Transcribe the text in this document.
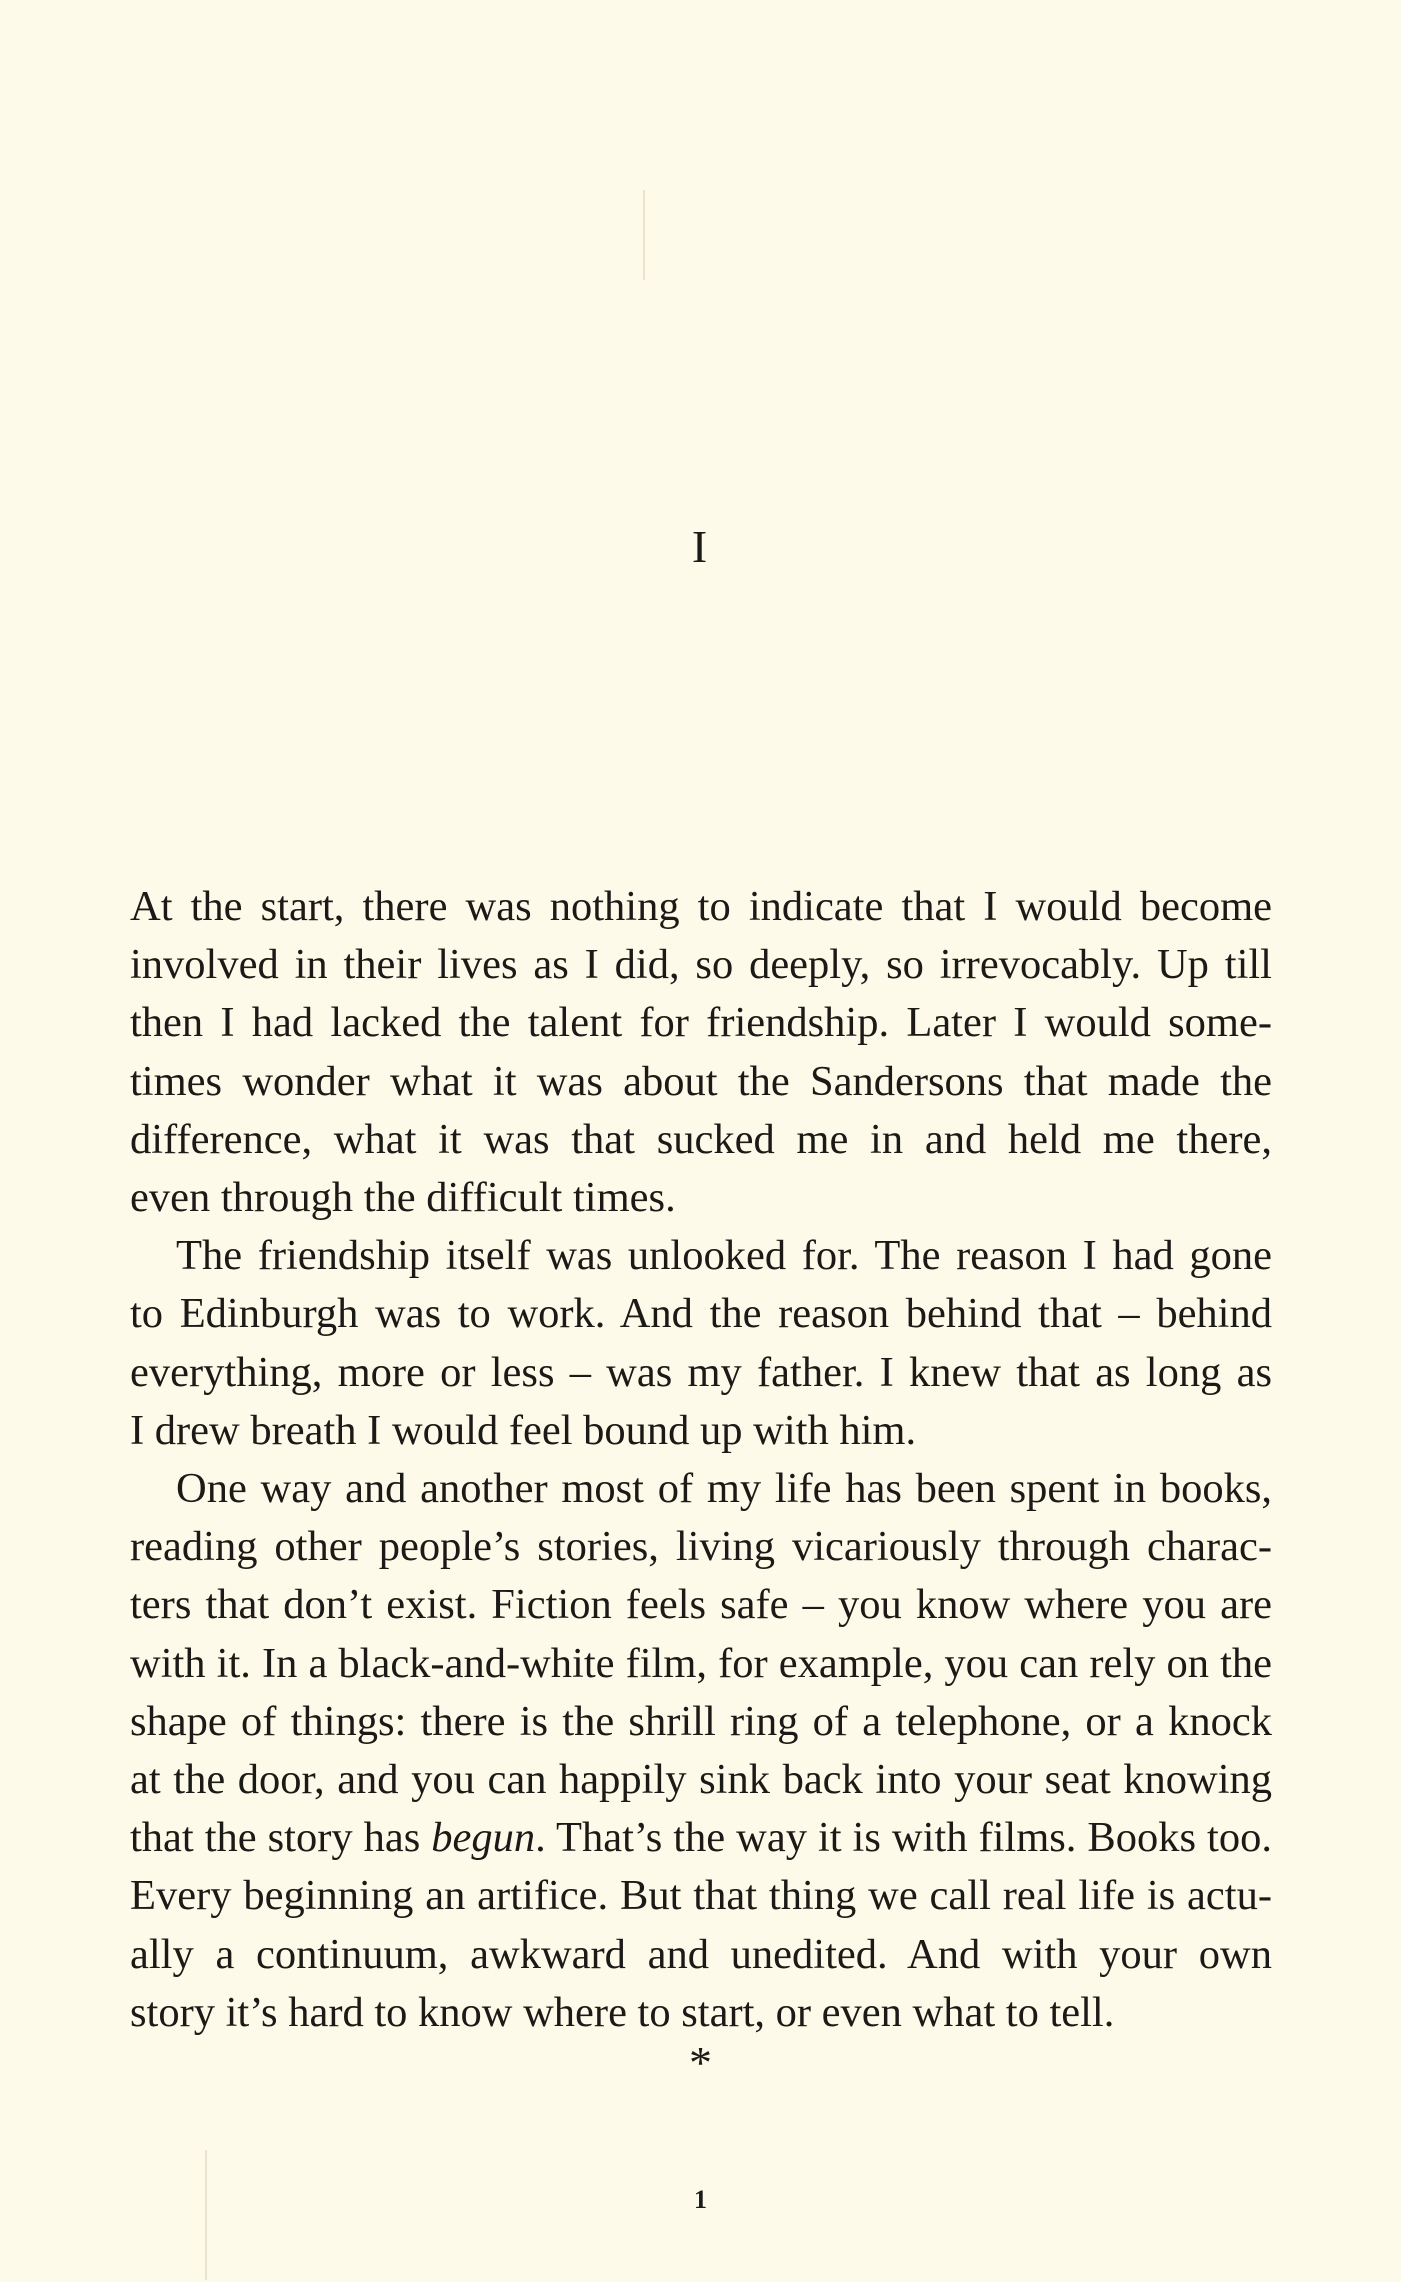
I

At the start, there was nothing to indicate that I would become
involved in their lives as I did, so deeply, so irrevocably. Up till
then I had lacked the talent for friendship. Later I would some-
times wonder what it was about the Sandersons that made the
difference, what it was that sucked me in and held me there,
even through the difficult times.

The friendship itself was unlooked for. The reason I had gone
to Edinburgh was to work. And the reason behind that – behind
everything, more or less – was my father. I knew that as long as
I drew breath I would feel bound up with him.

One way and another most of my life has been spent in books,
reading other people’s stories, living vicariously through charac-
ters that don’t exist. Fiction feels safe – you know where you are
with it. In a black-and-white film, for example, you can rely on the
shape of things: there is the shrill ring of a telephone, or a knock
at the door, and you can happily sink back into your seat knowing
that the story has begun. That’s the way it is with films. Books too.
Every beginning an artifice. But that thing we call real life is actu-
ally a continuum, awkward and unedited. And with your own
story it’s hard to know where to start, or even what to tell.

*
1
